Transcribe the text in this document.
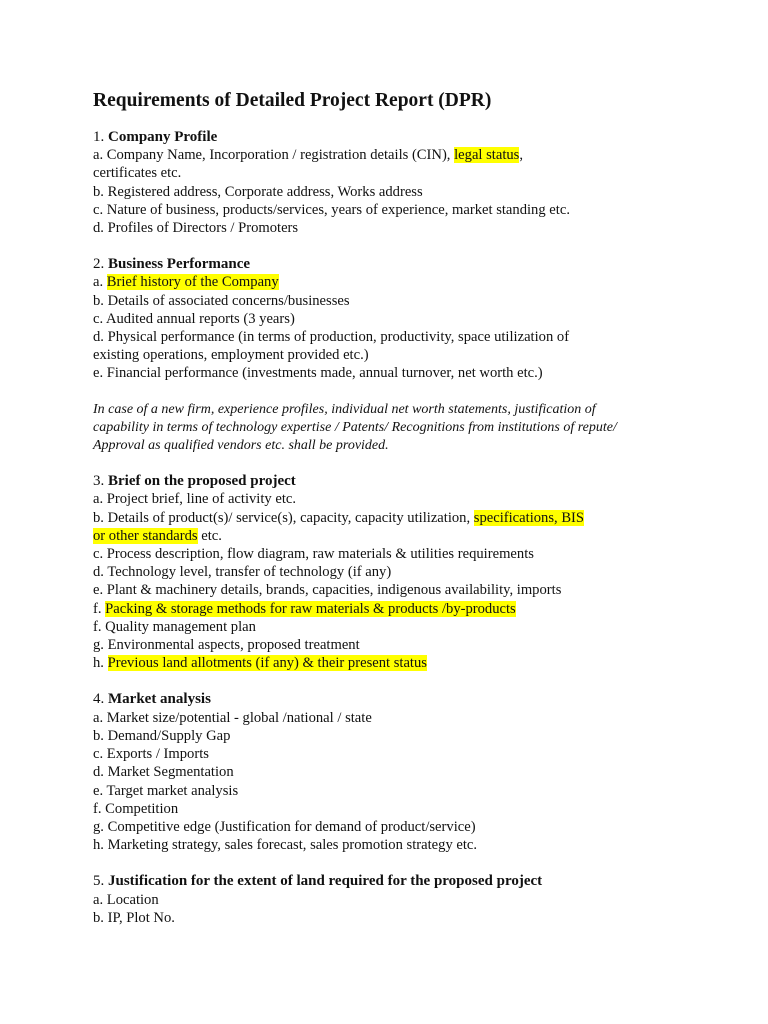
Requirements of Detailed Project Report (DPR)
1. Company Profile
a. Company Name, Incorporation / registration details (CIN), legal status,
certificates etc.
b. Registered address, Corporate address, Works address
c. Nature of business, products/services, years of experience, market standing etc.
d. Profiles of Directors / Promoters
2. Business Performance
a. Brief history of the Company
b. Details of associated concerns/businesses
c. Audited annual reports (3 years)
d. Physical performance (in terms of production, productivity, space utilization of
existing operations, employment provided etc.)
e. Financial performance (investments made, annual turnover, net worth etc.)

In case of a new firm, experience profiles, individual net worth statements, justification of capability in terms of technology expertise / Patents/ Recognitions from institutions of repute/ Approval as qualified vendors etc. shall be provided.

3. Brief on the proposed project
a. Project brief, line of activity etc.
b. Details of product(s)/ service(s), capacity, capacity utilization, specifications, BIS
or other standards etc.
c. Process description, flow diagram, raw materials & utilities requirements
d. Technology level, transfer of technology (if any)
e. Plant & machinery details, brands, capacities, indigenous availability, imports
f. Packing & storage methods for raw materials & products /by-products
f. Quality management plan
g. Environmental aspects, proposed treatment
h. Previous land allotments (if any) & their present status
4. Market analysis
a. Market size/potential - global /national / state
b. Demand/Supply Gap
c. Exports / Imports
d. Market Segmentation
e. Target market analysis
f. Competition
g. Competitive edge (Justification for demand of product/service)
h. Marketing strategy, sales forecast, sales promotion strategy etc.
5. Justification for the extent of land required for the proposed project
a. Location
b. IP, Plot No.
